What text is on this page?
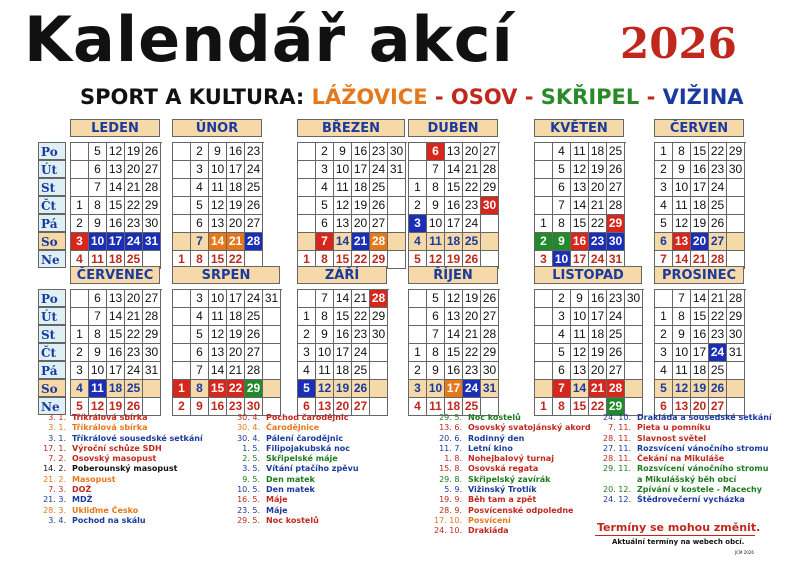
Kalendář akcí	2026
SPORT A KULTURA: LÁŽOVICE - OSOV - SKŘIPEL - VIŽINA
Po
Út
St
Čt
Pá
So
Ne
Po
Út
St
Čt
Pá
So
Ne
LEDEN
1
2
3
4
5
6
7
8
9
10
11
12
13
14
15
16
17
18
19
20
21
22
23
24
25
26
27
28
29
30
31
ÚNOR
1
2
3
4
5
6
7
8
9
10
11
12
13
14
15
16
17
18
19
20
21
22
23
24
25
26
27
28
BŘEZEN
1
2
3
4
5
6
7
8
9
10
11
12
13
14
15
16
17
18
19
20
21
22
23
24
25
26
27
28
29
30
31
DUBEN
1
2
3
4
5
6
7
8
9
10
11
12
13
14
15
16
17
18
19
20
21
22
23
24
25
26
27
28
29
30
KVĚTEN
1
2
3
4
5
6
7
8
9
10
11
12
13
14
15
16
17
18
19
20
21
22
23
24
25
26
27
28
29
30
31
ČERVEN
1
2
3
4
5
6
7
8
9
10
11
12
13
14
15
16
17
18
19
20
21
22
23
24
25
26
27
28
29
30
ČERVENEC
1
2
3
4
5
6
7
8
9
10
11
12
13
14
15
16
17
18
19
20
21
22
23
24
25
26
27
28
29
30
31
SRPEN
1
2
3
4
5
6
7
8
9
10
11
12
13
14
15
16
17
18
19
20
21
22
23
24
25
26
27
28
29
30
31
ZÁŘÍ
1
2
3
4
5
6
7
8
9
10
11
12
13
14
15
16
17
18
19
20
21
22
23
24
25
26
27
28
29
30
ŘÍJEN
1
2
3
4
5
6
7
8
9
10
11
12
13
14
15
16
17
18
19
20
21
22
23
24
25
26
27
28
29
30
31
LISTOPAD
1
2
3
4
5
6
7
8
9
10
11
12
13
14
15
16
17
18
19
20
21
22
23
24
25
26
27
28
29
30
PROSINEC
1
2
3
4
5
6
7
8
9
10
11
12
13
14
15
16
17
18
19
20
21
22
23
24
25
26
27
28
29
30
31
3. 1. Tříkrálová sbírka
3. 1. Tříkrálová sbírka
3. 1. Tříkrálové sousedské setkání
17. 1. Výroční schůze SDH
7. 2. Osovský masopust
14. 2. Poberounský masopust
21. 2. Masopust
7. 3. DOŽ
21. 3. MDŽ
28. 3. Ukliďme Česko
3. 4. Pochod na skálu
30. 4. Pochod čarodějnic
30. 4. Čarodějnice
30. 4. Pálení čarodějnic
1. 5. Filipojakubská noc
2. 5. Skřipelské máje
3. 5. Vítání ptačího zpěvu
9. 5. Den matek
10. 5. Den matek
16. 5. Máje
23. 5. Máje
29. 5. Noc kostelů
29. 5. Noc kostelů
13. 6. Osovský svatojánský akord
20. 6. Rodinný den
11. 7. Letní kino
1. 8. Nohejbalový turnaj
15. 8. Osovská regata
29. 8. Skřipelský zavírák
5. 9. Vižinský Trotlík
19. 9. Běh tam a zpět
28. 9. Posvícenské odpoledne
17. 10. Posvícení
24. 10. Drakiáda
24. 10. Drakiáda a sousedské setkání
7. 11. Pieta u pomníku
28. 11. Slavnost světel
27. 11. Rozsvícení vánočního stromu
28. 11. Čekání na Mikuláše
29. 11. Rozsvícení vánočního stromu
a Mikulášský běh obcí
20. 12. Zpívání v kostele - Macechy
24. 12. Štědrovečerní vycházka
Termíny se mohou změnit.
Aktuální termíny na webech obcí.
JCM 2026
